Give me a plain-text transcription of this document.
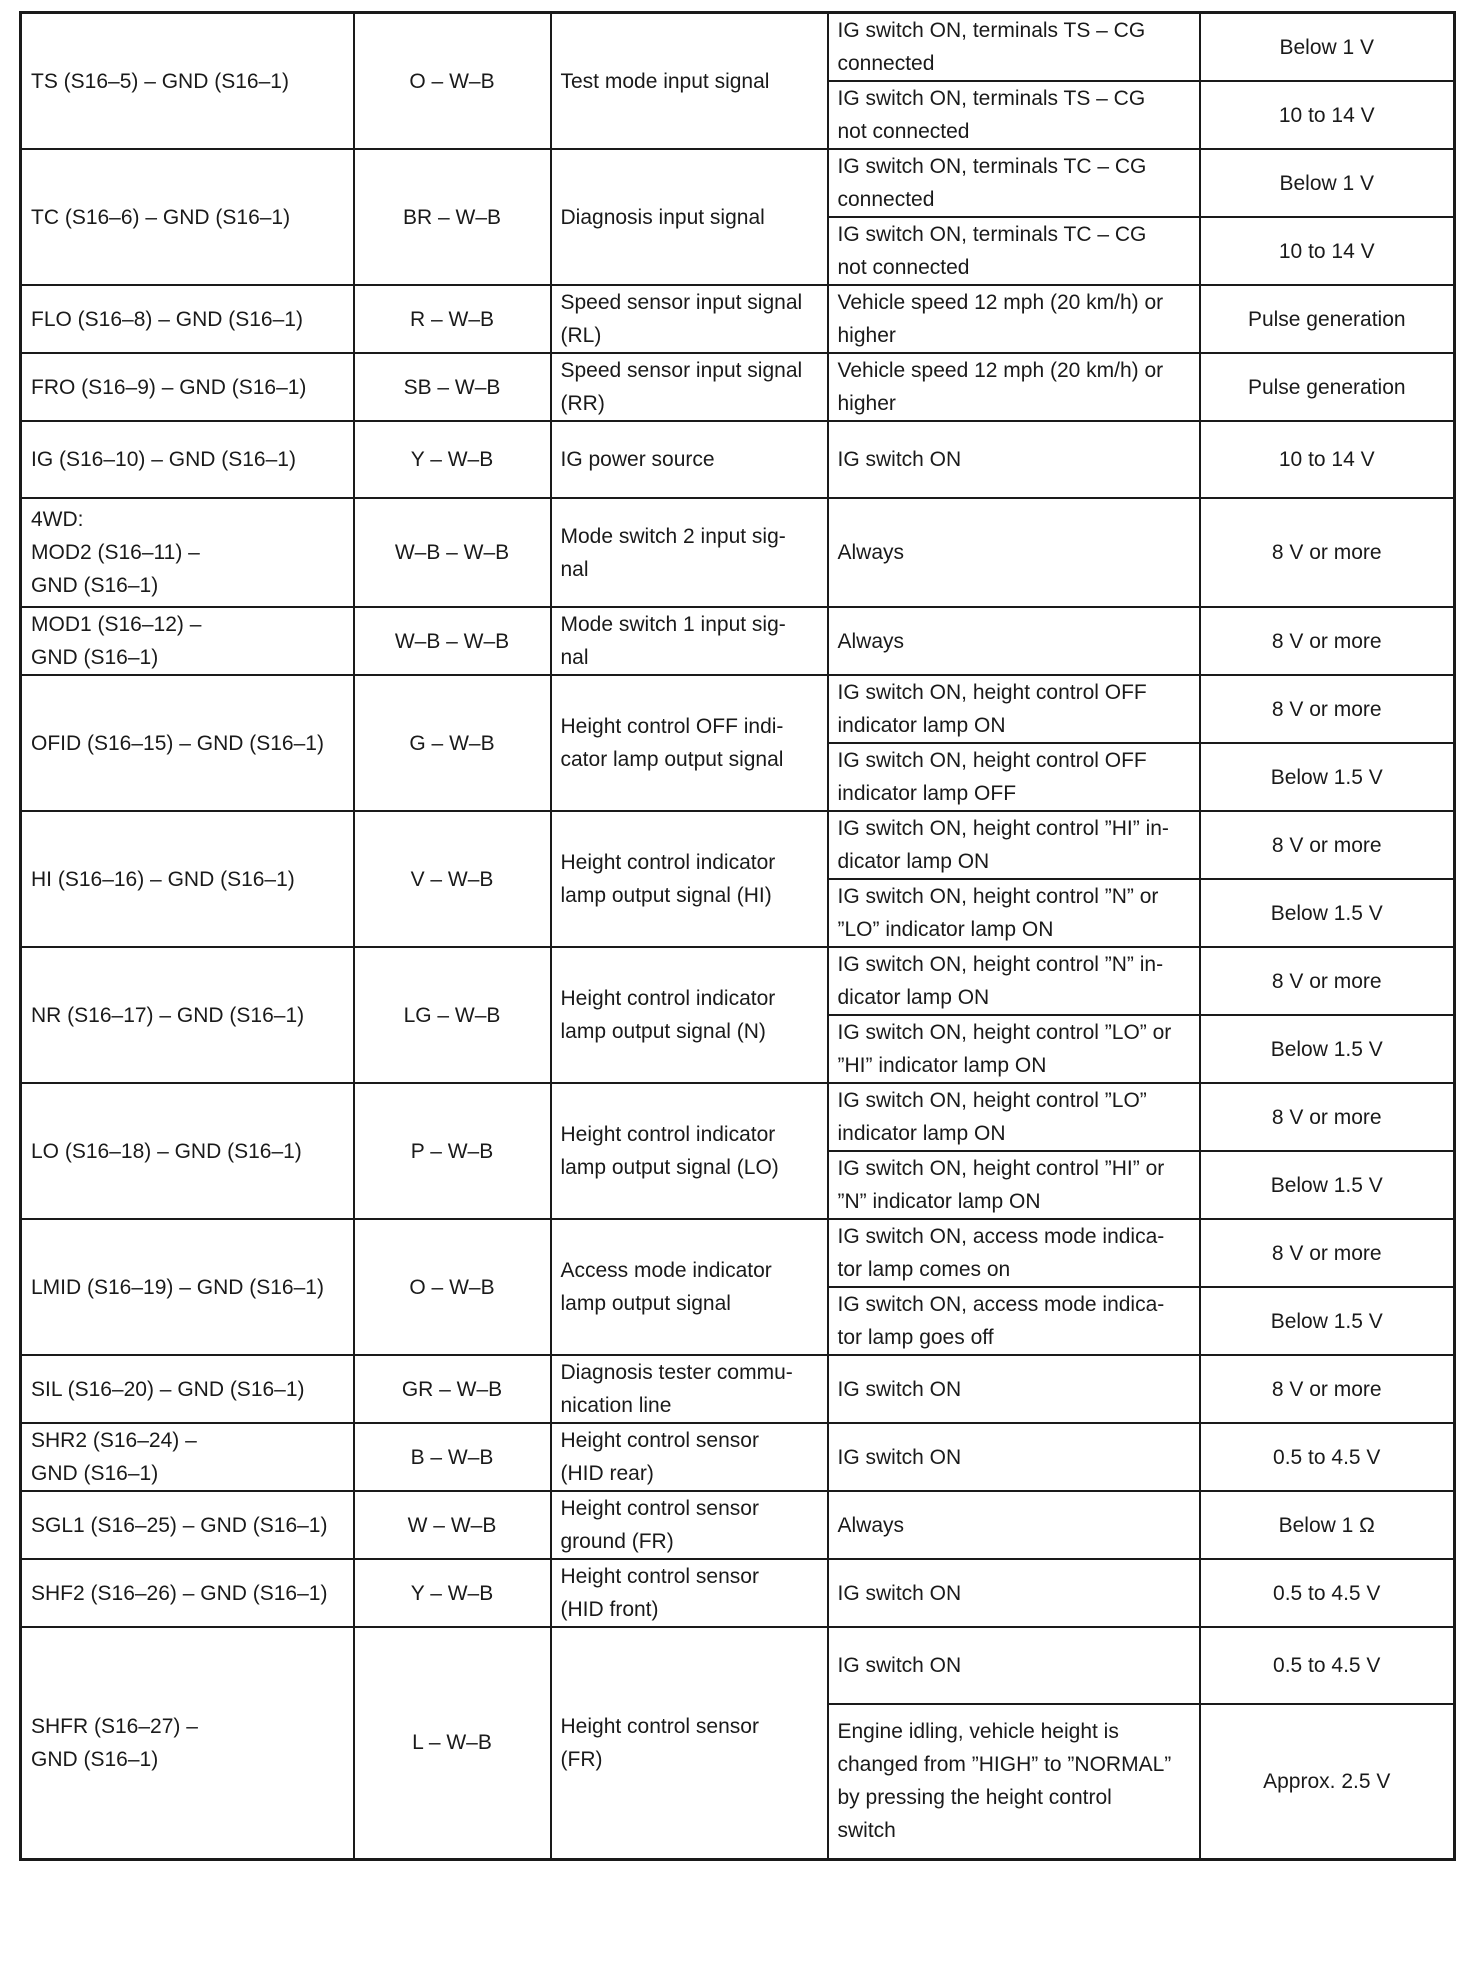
TS (S16–5) – GND (S16–1)	O – W–B	Test mode input signal	IG switch ON, terminals TS – CG
connected	Below 1 V

			IG switch ON, terminals TS – CG
not connected	10 to 14 V

TC (S16–6) – GND (S16–1)	BR – W–B	Diagnosis input signal	IG switch ON, terminals TC – CG
connected	Below 1 V

			IG switch ON, terminals TC – CG
not connected	10 to 14 V

FLO (S16–8) – GND (S16–1)	R – W–B	Speed sensor input signal
(RL)	Vehicle speed 12 mph (20 km/h) or
higher	Pulse generation

FRO (S16–9) – GND (S16–1)	SB – W–B	Speed sensor input signal
(RR)	Vehicle speed 12 mph (20 km/h) or
higher	Pulse generation

IG (S16–10) – GND (S16–1)	Y – W–B	IG power source	IG switch ON	10 to 14 V

4WD:
MOD2 (S16–11) –
GND (S16–1)	W–B – W–B	Mode switch 2 input sig-
nal	Always	8 V or more

MOD1 (S16–12) –
GND (S16–1)	W–B – W–B	Mode switch 1 input sig-
nal	Always	8 V or more

OFID (S16–15) – GND (S16–1)	G – W–B	Height control OFF indi-
cator lamp output signal	IG switch ON, height control OFF
indicator lamp ON	8 V or more

			IG switch ON, height control OFF
indicator lamp OFF	Below 1.5 V

HI (S16–16) – GND (S16–1)	V – W–B	Height control indicator
lamp output signal (HI)	IG switch ON, height control ”HI” in-
dicator lamp ON	8 V or more

			IG switch ON, height control ”N” or
”LO” indicator lamp ON	Below 1.5 V

NR (S16–17) – GND (S16–1)	LG – W–B	Height control indicator
lamp output signal (N)	IG switch ON, height control ”N” in-
dicator lamp ON	8 V or more

			IG switch ON, height control ”LO” or
”HI” indicator lamp ON	Below 1.5 V

LO (S16–18) – GND (S16–1)	P – W–B	Height control indicator
lamp output signal (LO)	IG switch ON, height control ”LO”
indicator lamp ON	8 V or more

			IG switch ON, height control ”HI” or
”N” indicator lamp ON	Below 1.5 V

LMID (S16–19) – GND (S16–1)	O – W–B	Access mode indicator
lamp output signal	IG switch ON, access mode indica-
tor lamp comes on	8 V or more

			IG switch ON, access mode indica-
tor lamp goes off	Below 1.5 V

SIL (S16–20) – GND (S16–1)	GR – W–B	Diagnosis tester commu-
nication line	IG switch ON	8 V or more

SHR2 (S16–24) –
GND (S16–1)	B – W–B	Height control sensor
(HID rear)	IG switch ON	0.5 to 4.5 V

SGL1 (S16–25) – GND (S16–1)	W – W–B	Height control sensor
ground (FR)	Always	Below 1 Ω

SHF2 (S16–26) – GND (S16–1)	Y – W–B	Height control sensor
(HID front)	IG switch ON	0.5 to 4.5 V

SHFR (S16–27) –
GND (S16–1)	L – W–B	Height control sensor
(FR)	IG switch ON	0.5 to 4.5 V

			Engine idling, vehicle height is
changed from ”HIGH” to ”NORMAL”
by pressing the height control
switch	Approx. 2.5 V
